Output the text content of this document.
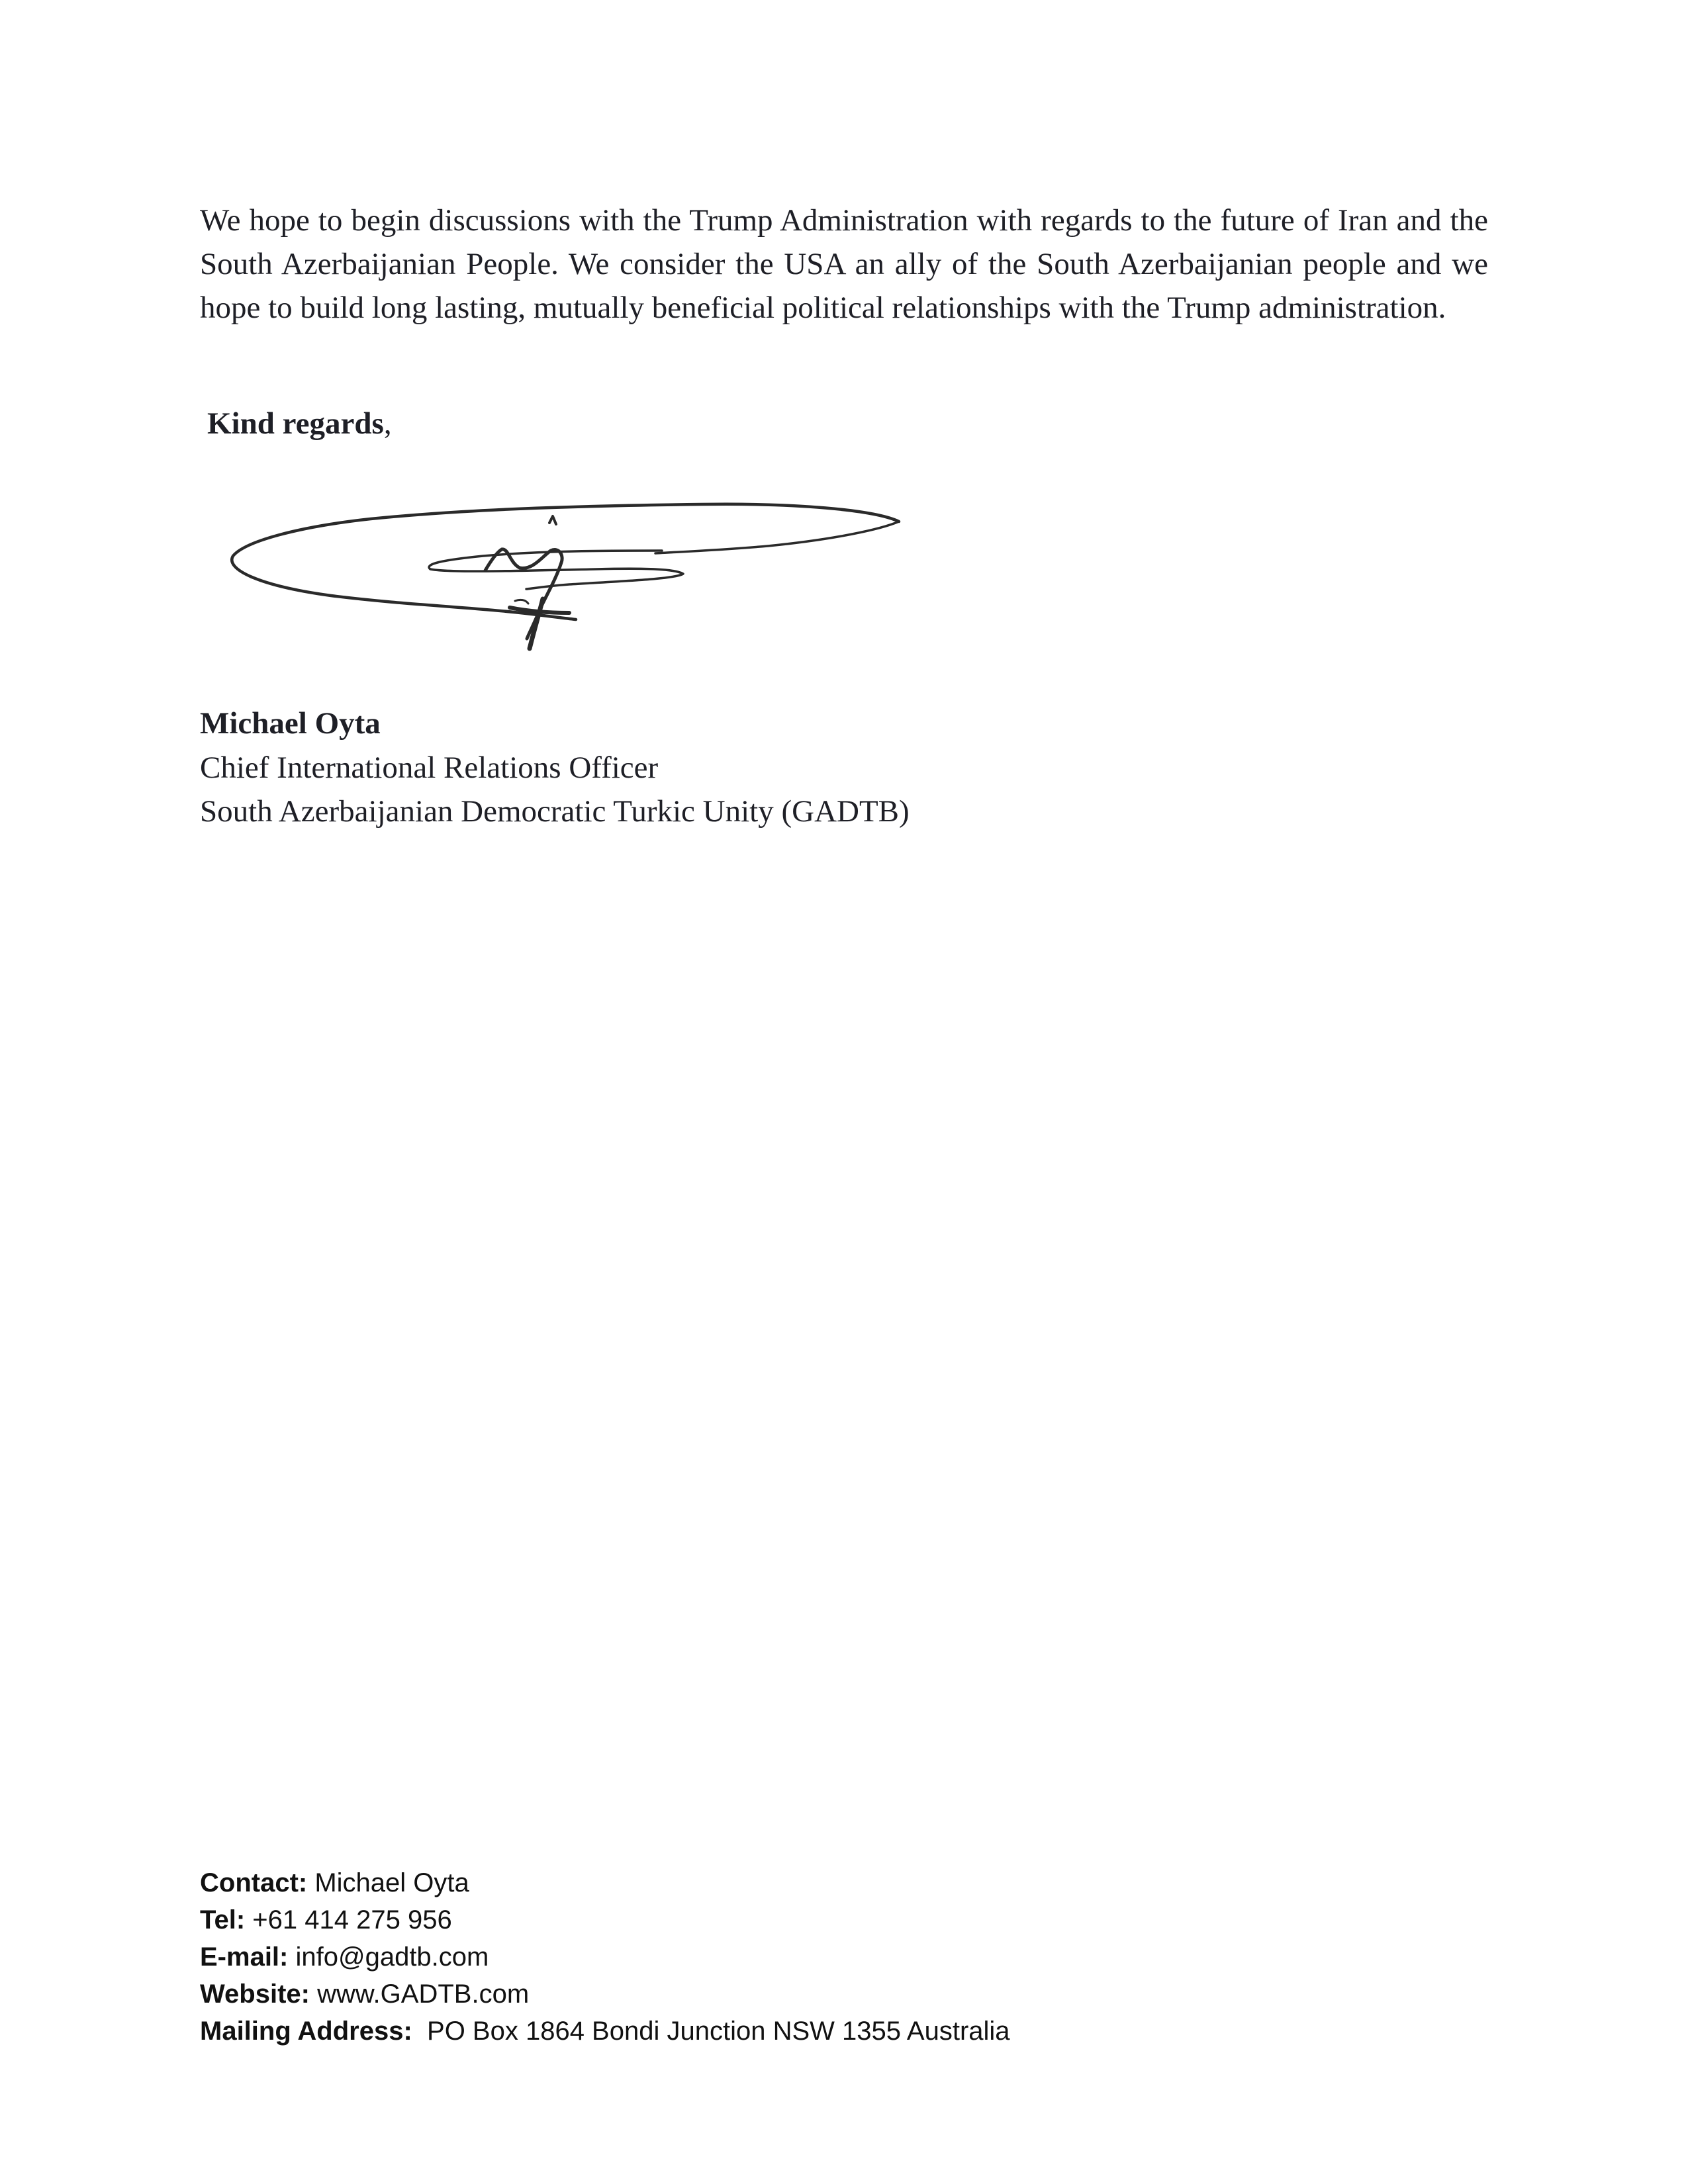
We hope to begin discussions with the Trump Administration with regards to the future of Iran and the South Azerbaijanian People. We consider the USA an ally of the South Azerbaijanian people and we hope to build long lasting, mutually beneficial political relationships with the Trump administration.

Kind regards,

Michael Oyta
Chief International Relations Officer
South Azerbaijanian Democratic Turkic Unity (GADTB)
Contact: Michael Oyta
Tel: +61 414 275 956
E-mail: info@gadtb.com
Website: www.GADTB.com
Mailing Address: PO Box 1864 Bondi Junction NSW 1355 Australia
